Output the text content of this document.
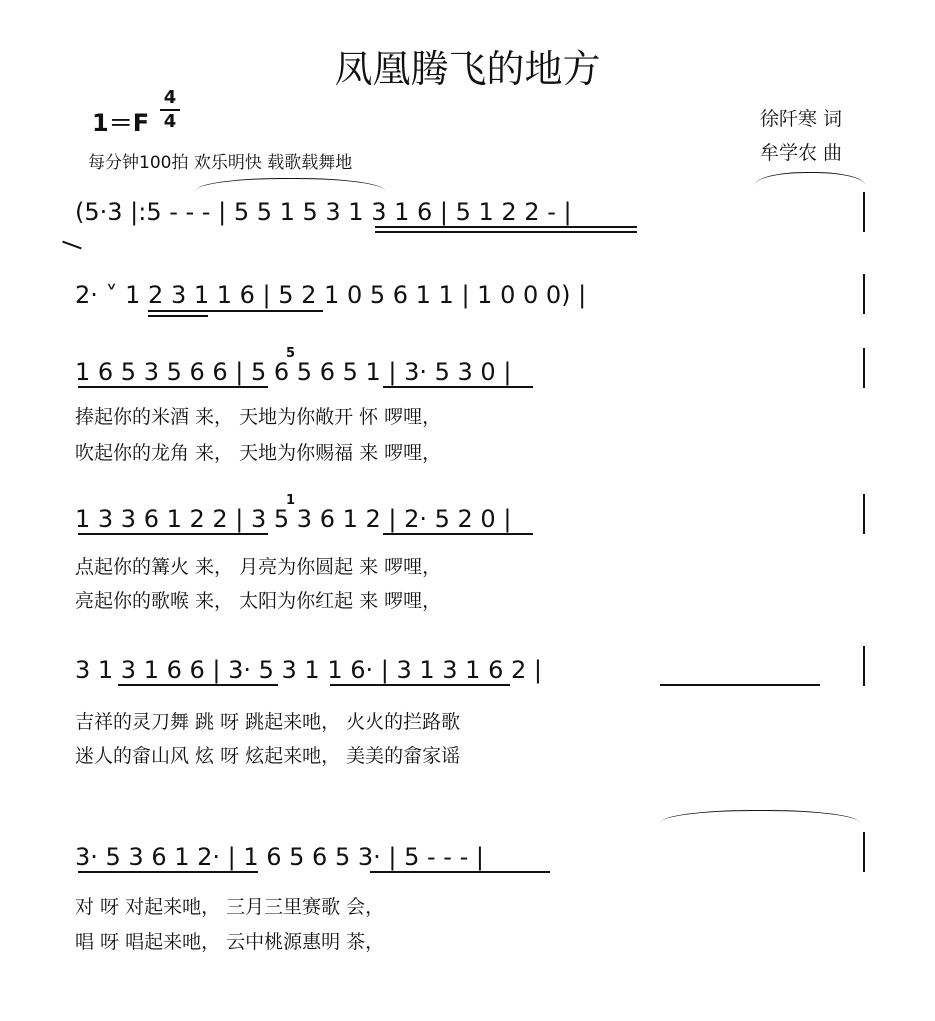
凤凰腾飞的地方
1＝F
4
4
每分钟100拍 欢乐明快 载歌载舞地
徐阡寒 词
牟学农 曲
(5·3 |:5 - - - | 5 5 1 5 3 1 3 1 6 | 5 1 2 2 - |
2· ˅ 1 2 3 1 1 6 | 5 2 1 0 5 6 1 1 | 1 0 0 0) |
1 6 5 3 5 6 6 | 5 6 5 6 5 1 | 3· 5 3 0 |
5
捧起你的米酒 来， 天地为你敞开 怀 啰哩，
吹起你的龙角 来， 天地为你赐福 来 啰哩，
1 3 3 6 1 2 2 | 3 5 3 6 1 2 | 2· 5 2 0 |
1
点起你的篝火 来， 月亮为你圆起 来 啰哩，
亮起你的歌喉 来， 太阳为你红起 来 啰哩，
3 1 3 1 6 6 | 3· 5 3 1 1 6· | 3 1 3 1 6 2 |
吉祥的灵刀舞 跳 呀 跳起来吔， 火火的拦路歌
迷人的畲山风 炫 呀 炫起来吔， 美美的畲家谣
3· 5 3 6 1 2· | 1 6 5 6 5 3· | 5 - - - |
对 呀 对起来吔， 三月三里赛歌 会，
唱 呀 唱起来吔， 云中桃源惠明 茶，
